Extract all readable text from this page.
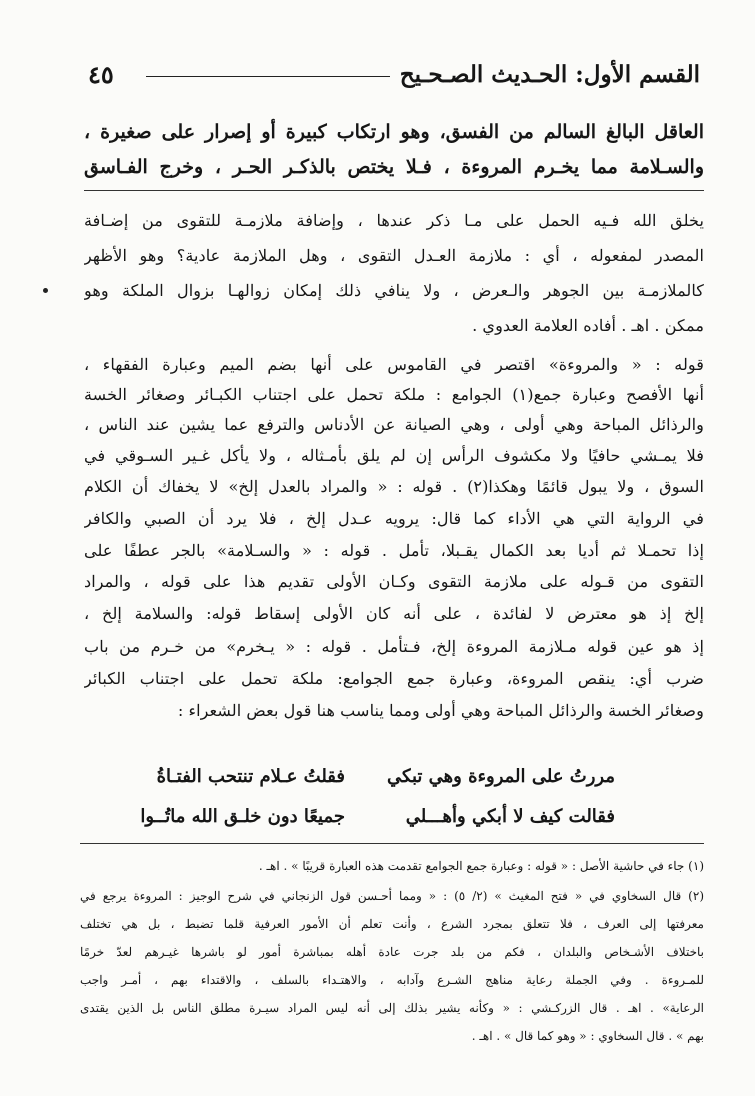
٤٥	القسم الأول: الحـديث الصـحـيح
العاقل البالغ السالم من الفسق، وهو ارتكاب كبيرة أو إصرار على صغيرة ،
والسـلامة مما يخـرم المروءة ، فـلا يختص بالذكـر الحـر ، وخرج الفـاسق
يخلق الله فـيه الحمل على مـا ذكر عندها ، وإضافة ملازمـة للتقوى من إضـافة
المصدر لمفعوله ، أي : ملازمة العـدل التقوى ، وهل الملازمة عادية؟ وهو الأظهر
كالملازمـة بين الجوهر والـعرض ، ولا ينافي ذلك إمكان زوالهـا بزوال الملكة وهو
ممكن . اهـ . أفاده العلامة العدوي .
قوله : « والمروءة» اقتصر في القاموس على أنها بضم الميم وعبارة الفقهاء ،
أنها الأفصح وعبارة جمع(١) الجوامع : ملكة تحمل على اجتناب الكبـائر وصغائر الخسة
والرذائل المباحة وهي أولى ، وهي الصيانة عن الأدناس والترفع عما يشين عند الناس ،
فلا يمـشي حافيًا ولا مكشوف الرأس إن لم يلق بأمـثاله ، ولا يأكل غـير السـوقي في
السوق ، ولا يبول قائمًا وهكذا(٢) . قوله : « والمراد بالعدل إلخ» لا يخفاك أن الكلام
في الرواية التي هي الأداء كما قال: يرويه عـدل إلخ ، فلا يرد أن الصبي والكافر
إذا تحمـلا ثم أديا بعد الكمال يقـبلا، تأمل . قوله : « والسـلامة» بالجر عطفًا على
التقوى من قـوله على ملازمة التقوى وكـان الأولى تقديم هذا على قوله ، والمراد
إلخ إذ هو معترض لا لفائدة ، على أنه كان الأولى إسقاط قوله: والسلامة إلخ ،
إذ هو عين قوله مـلازمة المروءة إلخ، فـتأمل . قوله : « يـخرم» من خـرم من باب
ضرب أي: ينقص المروءة، وعبارة جمع الجوامع: ملكة تحمل على اجتناب الكبائر
وصغائر الخسة والرذائل المباحة وهي أولى ومما يناسب هنا قول بعض الشعراء :
مررتُ على المروءة وهي تبكي
فقلتُ عـلام تنتحب الفتـاةُ
فقالت كيف لا أبكي وأهـــلي
جميعًا دون خلـق الله ماتُــوا
(١) جاء في حاشية الأصل : « قوله : وعبارة جمع الجوامع تقدمت هذه العبارة قريبًا » . اهـ .
(٢) قال السخاوي في « فتح المغيث » (٢/ ٥) : « ومما أحـسن قول الزنجاني في شرح الوجيز : المروءة يرجع في
معرفتها إلى العرف ، فلا تتعلق بمجرد الشرع ، وأنت تعلم أن الأمور العرفية قلما تضبط ، بل هي تختلف
باختلاف الأشـخاص والبلدان ، فكم من بلد جرت عادة أهله بمباشرة أمور لو باشرها غيـرهم لعدّ خرمًا
للمـروءة . وفي الجملة رعاية مناهج الشـرع وآدابه ، والاهتـداء بالسلف ، والاقتداء بهم ، أمـر واجب
الرعاية» . اهـ . قال الزركـشي : « وكأنه يشير بذلك إلى أنه ليس المراد سيـرة مطلق الناس بل الذين يقتدى
بهم » . قال السخاوي : « وهو كما قال » . اهـ .
